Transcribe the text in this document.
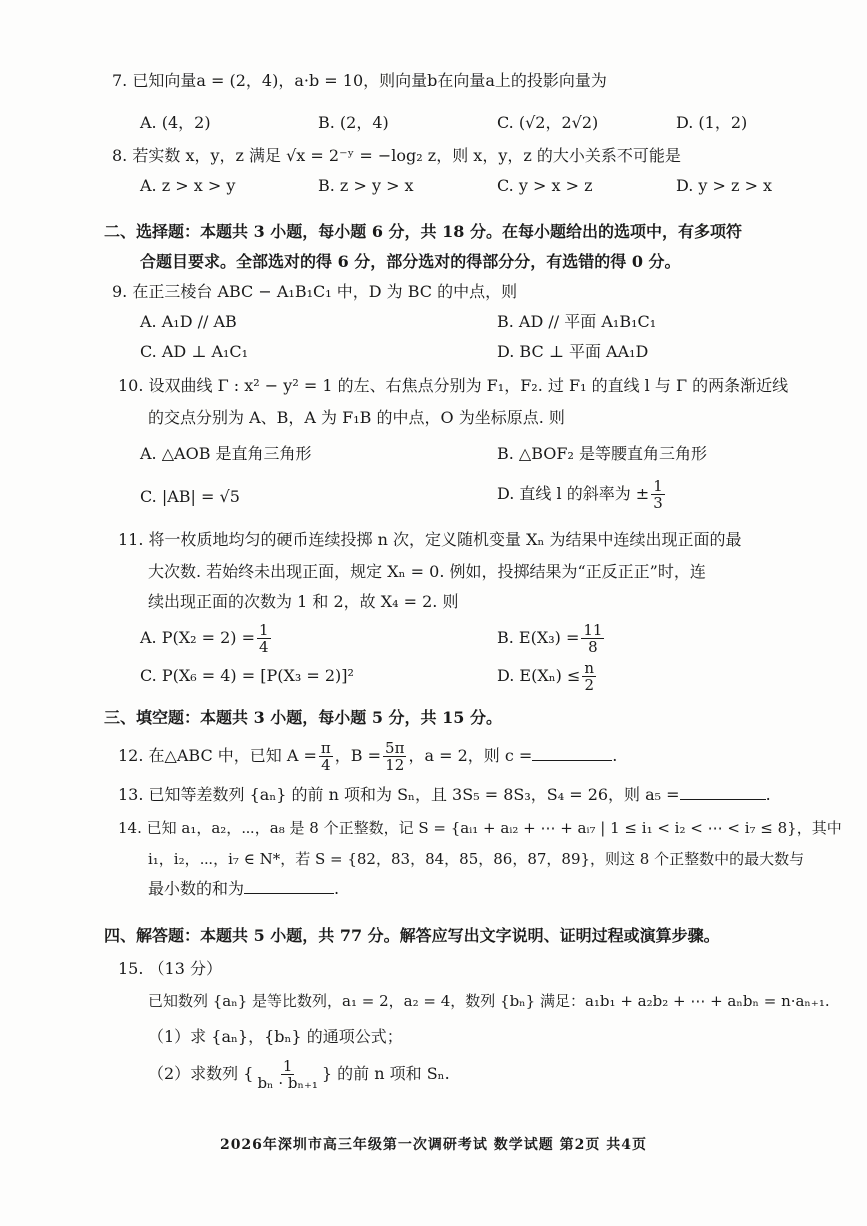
7. 已知向量a = (2，4)，a·b = 10，则向量b在向量a上的投影向量为
A. (4，2)	B. (2，4)	C. (√2，2√2)	D. (1，2)
8. 若实数 x，y，z 满足 √x = 2⁻ʸ = −log₂ z，则 x，y，z 的大小关系不可能是
A. z > x > y	B. z > y > x	C. y > x > z	D. y > z > x
二、选择题：本题共 3 小题，每小题 6 分，共 18 分。在每小题给出的选项中，有多项符
合题目要求。全部选对的得 6 分，部分选对的得部分分，有选错的得 0 分。
9. 在正三棱台 ABC − A₁B₁C₁ 中，D 为 BC 的中点，则
A. A₁D // AB	B. AD // 平面 A₁B₁C₁
C. AD ⊥ A₁C₁	D. BC ⊥ 平面 AA₁D
10. 设双曲线 Γ : x² − y² = 1 的左、右焦点分别为 F₁，F₂. 过 F₁ 的直线 l 与 Γ 的两条渐近线
的交点分别为 A、B，A 为 F₁B 的中点，O 为坐标原点. 则
A. △AOB 是直角三角形	B. △BOF₂ 是等腰直角三角形
C. |AB| = √5	D. 直线 l 的斜率为 ± $\frac{1}{3}$
11. 将一枚质地均匀的硬币连续投掷 n 次，定义随机变量 Xₙ 为结果中连续出现正面的最
大次数. 若始终未出现正面，规定 Xₙ = 0. 例如，投掷结果为“正反正正”时，连
续出现正面的次数为 1 和 2，故 X₄ = 2. 则
A. $P(X_2 = 2) = \frac{1}{4}$	B. $E(X_3) = \frac{11}{8}$
C. P(X₆ = 4) = [P(X₃ = 2)]²	D. $E(X_n) \le \frac{n}{2}$
三、填空题：本题共 3 小题，每小题 5 分，共 15 分。
12. 在△ABC 中，已知 $A = \frac{\pi}{4}$ ，$B = \frac{5\pi}{12}$ ，a = 2，则 c =	.
13. 已知等差数列 {aₙ} 的前 n 项和为 Sₙ，且 3S₅ = 8S₃，S₄ = 26，则 a₅ =	.
14. 已知 a₁，a₂，⋯，a₈ 是 8 个正整数，记 S = {aᵢ₁ + aᵢ₂ + ⋯ + aᵢ₇ | 1 ≤ i₁ < i₂ < ⋯ < i₇ ≤ 8}，其中
i₁，i₂，⋯，i₇ ∈ N*，若 S = {82，83，84，85，86，87，89}，则这 8 个正整数中的最大数与
最小数的和为	.
四、解答题：本题共 5 小题，共 77 分。解答应写出文字说明、证明过程或演算步骤。
15. （13 分）
已知数列 {aₙ} 是等比数列，a₁ = 2，a₂ = 4，数列 {bₙ} 满足：a₁b₁ + a₂b₂ + ⋯ + aₙbₙ = n·aₙ₊₁.
（1）求 {aₙ}，{bₙ} 的通项公式；
（2）求数列 { $\frac{1}{\text{bₙ · bₙ₊₁}}$ } 的前 n 项和 Sₙ.
2026年深圳市高三年级第一次调研考试 数学试题 第2页 共4页
